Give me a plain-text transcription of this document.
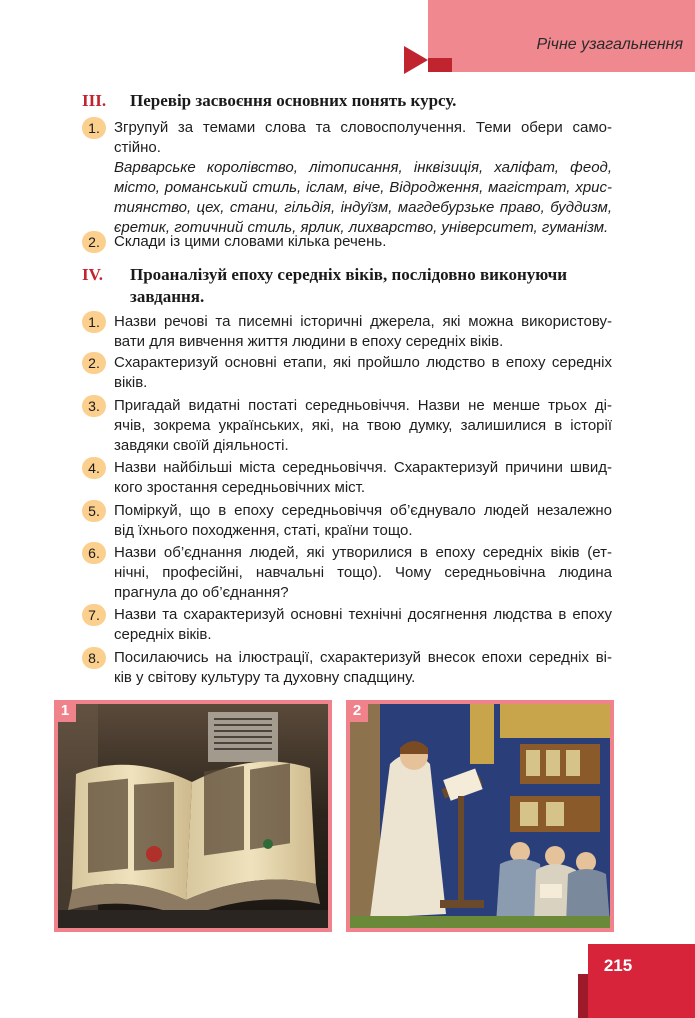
Річне узагальнення
III. Перевір засвоєння основних понять курсу.
1. Згрупуй за темами слова та словосполучення. Теми обери само-
стійно.
Варварське королівство, літописання, інквізиція, халіфат, феод,
місто, романський стиль, іслам, віче, Відродження, магістрат, хрис-
тиянство, цех, стани, гільдія, індуїзм, магдебурзьке право, буддизм,
єретик, готичний стиль, ярлик, лихварство, університет, гуманізм.
2. Склади із цими словами кілька речень.
IV. Проаналізуй епоху середніх віків, послідовно виконуючи
завдання.
1. Назви речові та писемні історичні джерела, які можна використову-
вати для вивчення життя людини в епоху середніх віків.
2. Схарактеризуй основні етапи, які пройшло людство в епоху середніх
віків.
3. Пригадай видатні постаті середньовіччя. Назви не менше трьох ді-
ячів, зокрема українських, які, на твою думку, залишилися в історії
завдяки своїй діяльності.
4. Назви найбільші міста середньовіччя. Схарактеризуй причини швид-
кого зростання середньовічних міст.
5. Поміркуй, що в епоху середньовіччя об’єднувало людей незалежно
від їхнього походження, статі, країни тощо.
6. Назви об’єднання людей, які утворилися в епоху середніх віків (ет-
нічні, професійні, навчальні тощо). Чому середньовічна людина
прагнула до об’єднання?
7. Назви та схарактеризуй основні технічні досягнення людства в епоху
середніх віків.
8. Посилаючись на ілюстрації, схарактеризуй внесок епохи середніх ві-
ків у світову культуру та духовну спадщину.
1	2
215
